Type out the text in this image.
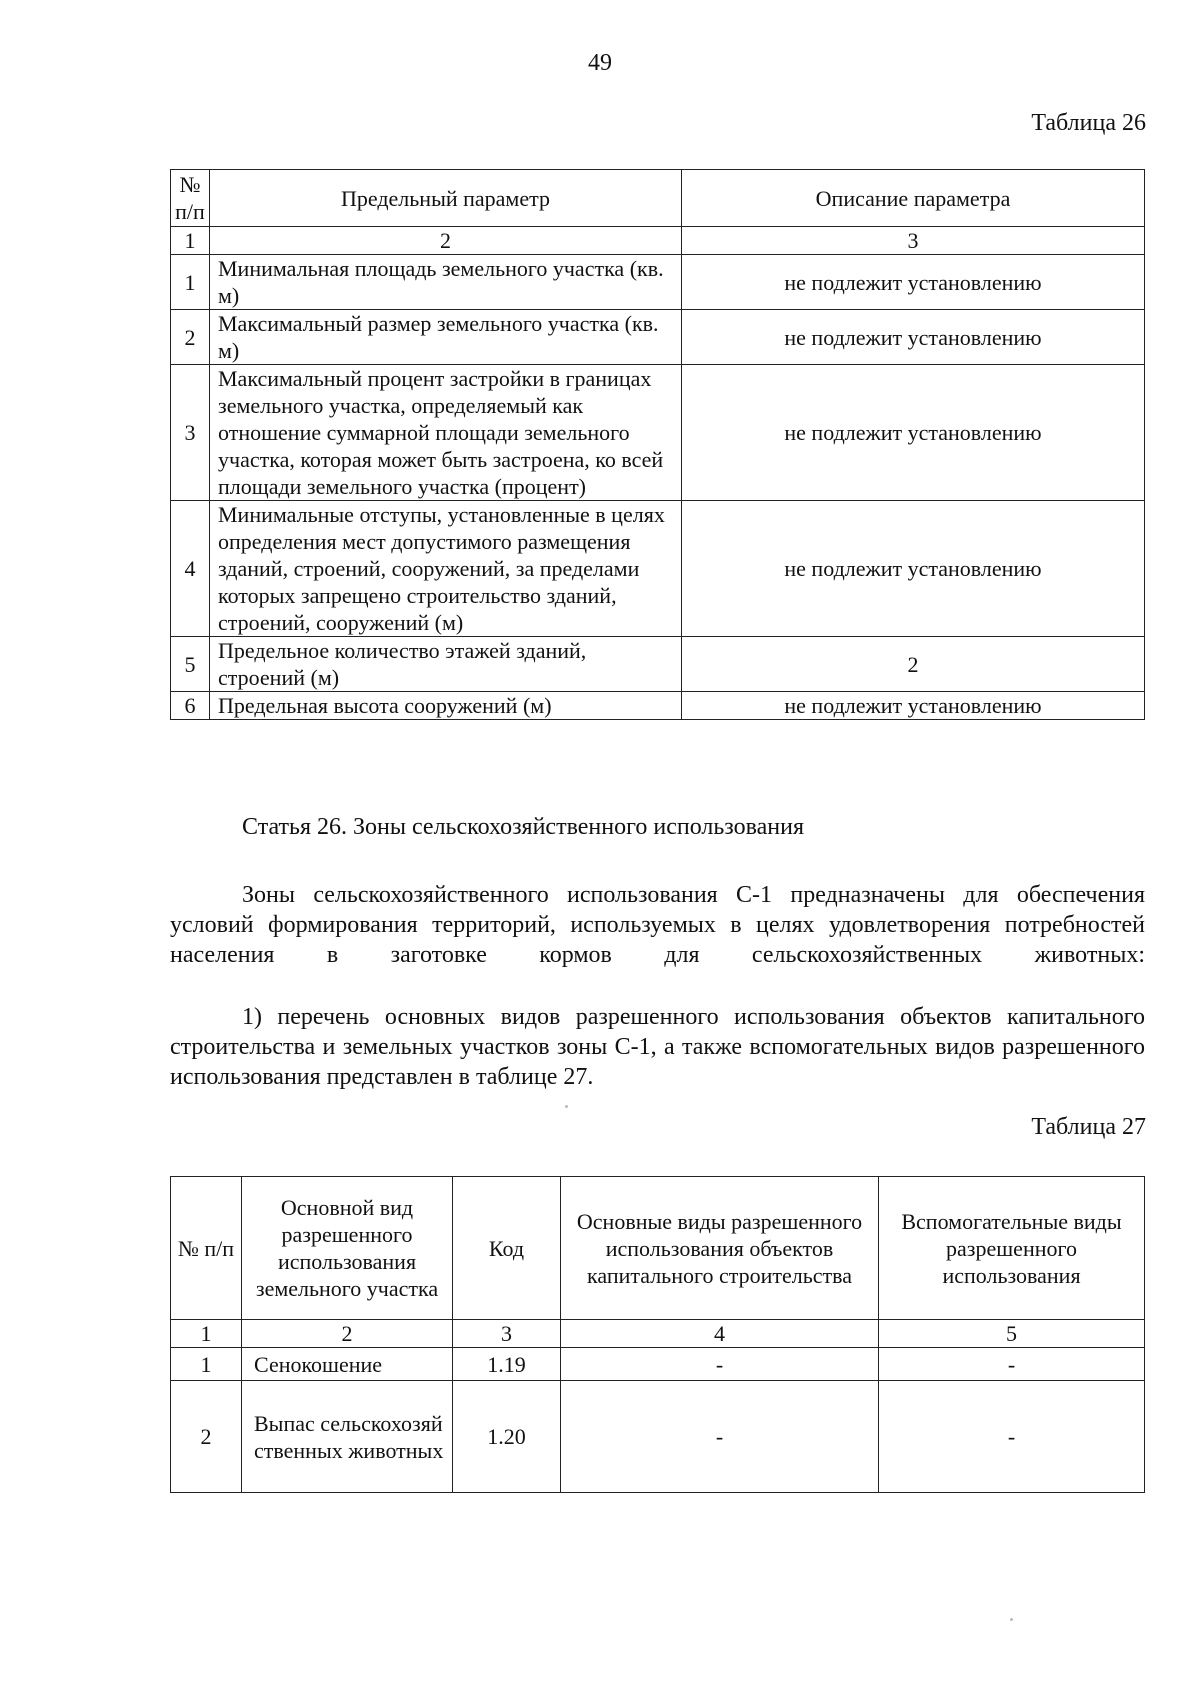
49
Таблица 26
№ п/п	Предельный параметр	Описание параметра
1	2	3
1	Минимальная площадь земельного участка (кв. м)	не подлежит установлению
2	Максимальный размер земельного участка (кв. м)	не подлежит установлению
3	Максимальный процент застройки в границах земельного участка, определяемый как отношение суммарной площади земельного участка, которая может быть застроена, ко всей площади земельного участка (процент)	не подлежит установлению
4	Минимальные отступы, установленные в целях определения мест допустимого размещения зданий, строений, сооружений, за пределами которых запрещено строительство зданий, строений, сооружений (м)	не подлежит установлению
5	Предельное количество этажей зданий, строений (м)	2
6	Предельная высота сооружений (м)	не подлежит установлению
Статья 26. Зоны сельскохозяйственного использования
Зоны сельскохозяйственного использования С-1 предназначены для обеспечения условий формирования территорий, используемых в целях удовлетворения потребностей населения в заготовке кормов для сельскохозяйственных животных:
1) перечень основных видов разрешенного использования объектов капитального строительства и земельных участков зоны С-1, а также вспомогательных видов разрешенного использования представлен в таблице 27.
Таблица 27
№ п/п	Основной вид разрешенного использования земельного участка	Код	Основные виды разрешенного использования объектов капитального строительства	Вспомогательные виды разрешенного использования
1	2	3	4	5
1	Сенокошение	1.19	-	-
2	Выпас сельскохозяйственных животных	1.20	-	-
